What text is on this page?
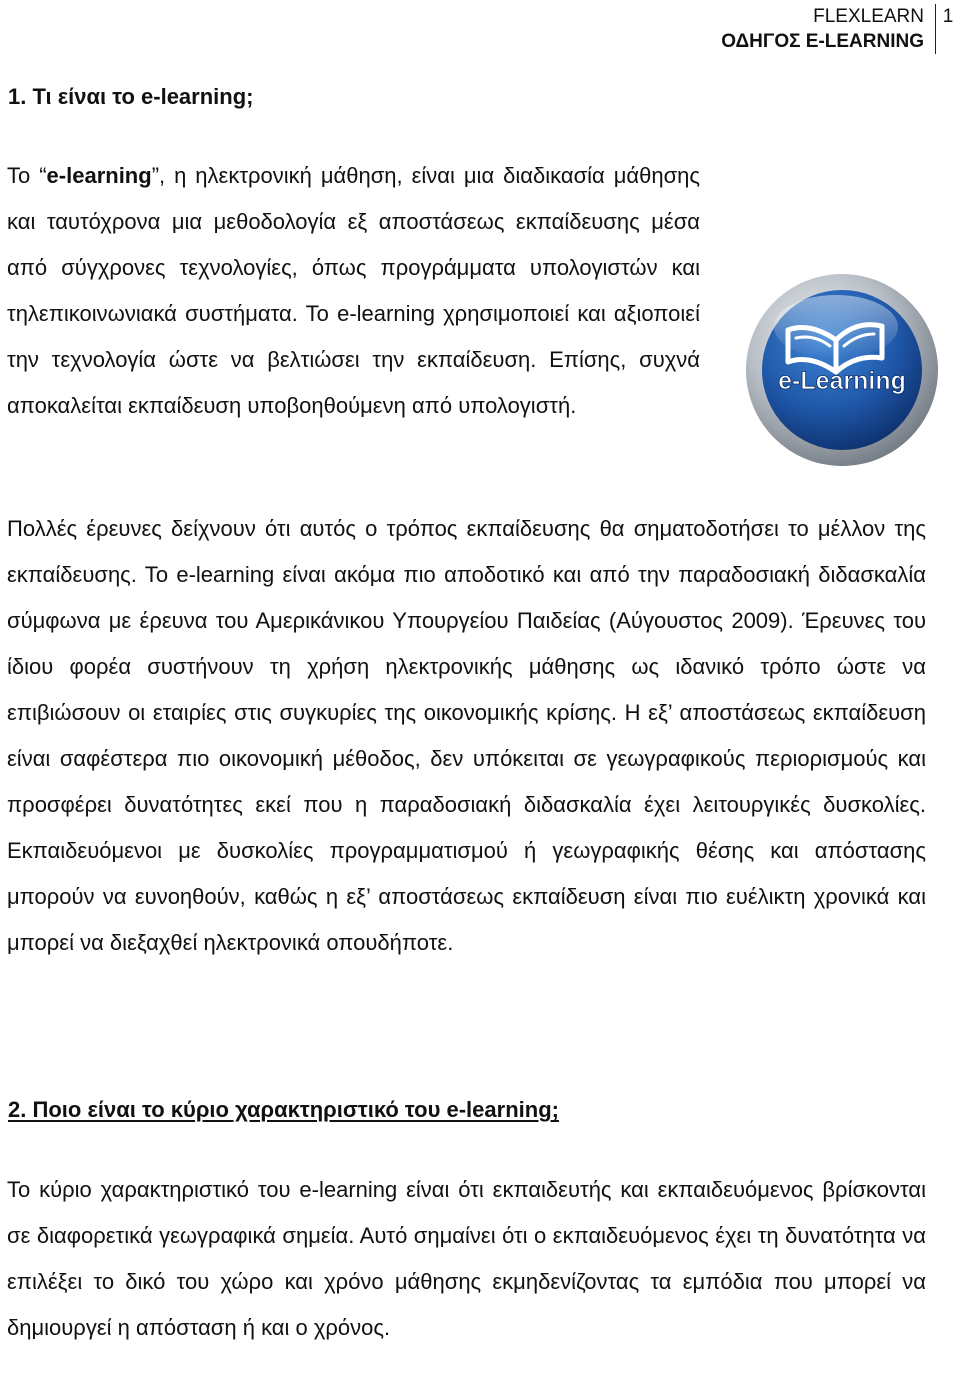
FLEXLEARN
ΟΔΗΓΟΣ E-LEARNING
1
1. Τι είναι το e-learning;

Το “e-learning”, η ηλεκτρονική μάθηση, είναι μια διαδικασία μάθησης και ταυτόχρονα μια μεθοδολογία εξ αποστάσεως εκπαίδευσης μέσα από σύγχρονες τεχνολογίες, όπως προγράμματα υπολογιστών και τηλεπικοινωνιακά συστήματα. Το e-learning χρησιμοποιεί και αξιοποιεί την τεχνολογία ώστε να βελτιώσει την εκπαίδευση. Επίσης, συχνά αποκαλείται εκπαίδευση υποβοηθούμενη από υπολογιστή.

e-Learning

Πολλές έρευνες δείχνουν ότι αυτός ο τρόπος εκπαίδευσης θα σηματοδοτήσει το μέλλον της εκπαίδευσης. Το e-learning είναι ακόμα πιο αποδοτικό και από την παραδοσιακή διδασκαλία σύμφωνα με έρευνα του Αμερικάνικου Υπουργείου Παιδείας (Αύγουστος 2009). Έρευνες του ίδιου φορέα συστήνουν τη χρήση ηλεκτρονικής μάθησης ως ιδανικό τρόπο ώστε να επιβιώσουν οι εταιρίες στις συγκυρίες της οικονομικής κρίσης. Η εξ’ αποστάσεως εκπαίδευση είναι σαφέστερα πιο οικονομική μέθοδος, δεν υπόκειται σε γεωγραφικούς περιορισμούς και προσφέρει δυνατότητες εκεί που η παραδοσιακή διδασκαλία έχει λειτουργικές δυσκολίες. Εκπαιδευόμενοι με δυσκολίες προγραμματισμού ή γεωγραφικής θέσης και απόστασης μπορούν να ευνοηθούν, καθώς η εξ’ αποστάσεως εκπαίδευση είναι πιο ευέλικτη χρονικά και μπορεί να διεξαχθεί ηλεκτρονικά οπουδήποτε.

2. Ποιο είναι το κύριο χαρακτηριστικό του e-learning;

Το κύριο χαρακτηριστικό του e-learning είναι ότι εκπαιδευτής και εκπαιδευόμενος βρίσκονται σε διαφορετικά γεωγραφικά σημεία. Αυτό σημαίνει ότι ο εκπαιδευόμενος έχει τη δυνατότητα να επιλέξει το δικό του χώρο και χρόνο μάθησης εκμηδενίζοντας τα εμπόδια που μπορεί να δημιουργεί η απόσταση ή και ο χρόνος.
